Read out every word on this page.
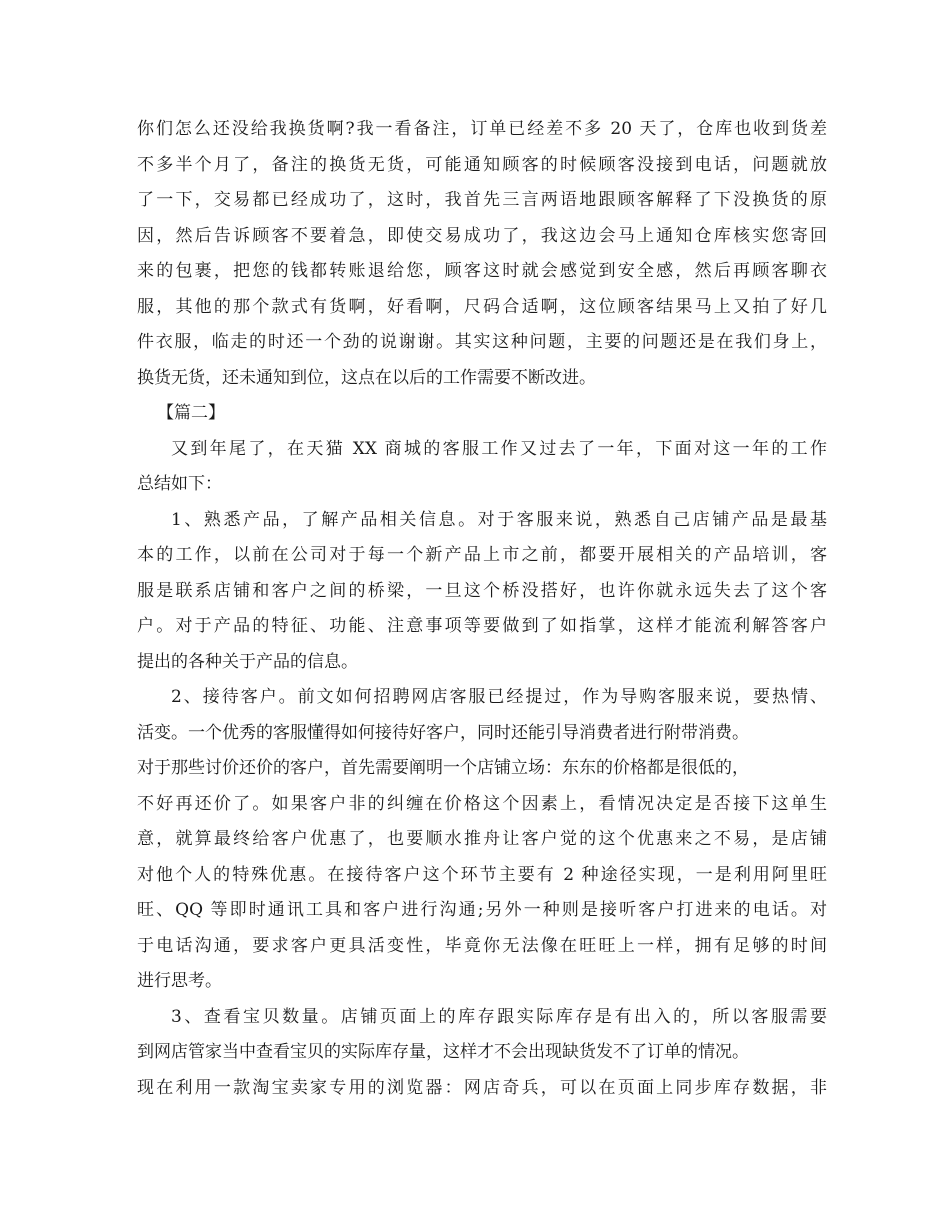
你们怎么还没给我换货啊?我一看备注，订单已经差不多 20 天了，仓库也收到货差
不多半个月了，备注的换货无货，可能通知顾客的时候顾客没接到电话，问题就放
了一下，交易都已经成功了，这时，我首先三言两语地跟顾客解释了下没换货的原
因，然后告诉顾客不要着急，即使交易成功了，我这边会马上通知仓库核实您寄回
来的包裹，把您的钱都转账退给您，顾客这时就会感觉到安全感，然后再顾客聊衣
服，其他的那个款式有货啊，好看啊，尺码合适啊，这位顾客结果马上又拍了好几
件衣服，临走的时还一个劲的说谢谢。其实这种问题，主要的问题还是在我们身上，
换货无货，还未通知到位，这点在以后的工作需要不断改进。
【篇二】
又到年尾了，在天猫 XX 商城的客服工作又过去了一年，下面对这一年的工作
总结如下：
1、熟悉产品，了解产品相关信息。对于客服来说，熟悉自己店铺产品是最基
本的工作，以前在公司对于每一个新产品上市之前，都要开展相关的产品培训，客
服是联系店铺和客户之间的桥梁，一旦这个桥没搭好，也许你就永远失去了这个客
户。对于产品的特征、功能、注意事项等要做到了如指掌，这样才能流利解答客户
提出的各种关于产品的信息。
2、接待客户。前文如何招聘网店客服已经提过，作为导购客服来说，要热情、
活变。一个优秀的客服懂得如何接待好客户，同时还能引导消费者进行附带消费。
对于那些讨价还价的客户，首先需要阐明一个店铺立场：东东的价格都是很低的，
不好再还价了。如果客户非的纠缠在价格这个因素上，看情况决定是否接下这单生
意，就算最终给客户优惠了，也要顺水推舟让客户觉的这个优惠来之不易，是店铺
对他个人的特殊优惠。在接待客户这个环节主要有 2 种途径实现，一是利用阿里旺
旺、QQ 等即时通讯工具和客户进行沟通;另外一种则是接听客户打进来的电话。对
于电话沟通，要求客户更具活变性，毕竟你无法像在旺旺上一样，拥有足够的时间
进行思考。
3、查看宝贝数量。店铺页面上的库存跟实际库存是有出入的，所以客服需要
到网店管家当中查看宝贝的实际库存量，这样才不会出现缺货发不了订单的情况。
现在利用一款淘宝卖家专用的浏览器：网店奇兵，可以在页面上同步库存数据，非
